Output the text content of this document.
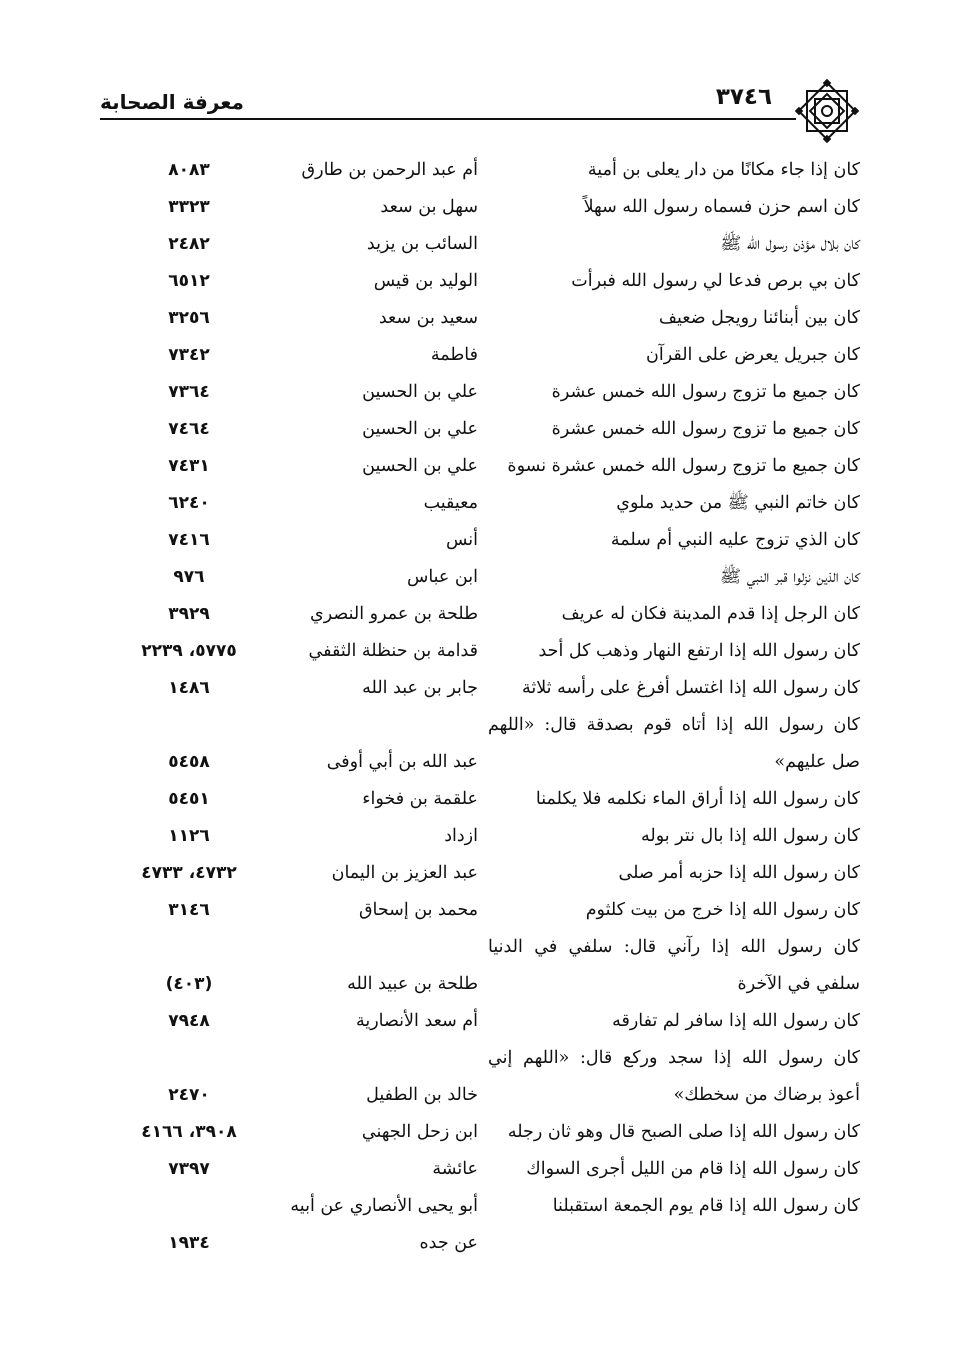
معرفة الصحابة	٣٧٤٦
كان إذا جاء مكانًا من دار يعلى بن أمية
أم عبد الرحمن بن طارق
٨٠٨٣
كان اسم حزن فسماه رسول الله سهلاً
سهل بن سعد
٣٣٢٣
كان بلال مؤذن رسول الله ﷺ
السائب بن يزيد
٢٤٨٢
كان بي برص فدعا لي رسول الله فبرأت
الوليد بن قيس
٦٥١٢
كان بين أبنائنا رويجل ضعيف
سعيد بن سعد
٣٢٥٦
كان جبريل يعرض على القرآن
فاطمة
٧٣٤٢
كان جميع ما تزوج رسول الله خمس عشرة
علي بن الحسين
٧٣٦٤
كان جميع ما تزوج رسول الله خمس عشرة
علي بن الحسين
٧٤٦٤
كان جميع ما تزوج رسول الله خمس عشرة نسوة
علي بن الحسين
٧٤٣١
كان خاتم النبي ﷺ من حديد ملوي
معيقيب
٦٢٤٠
كان الذي تزوج عليه النبي أم سلمة
أنس
٧٤١٦
كان الذين نزلوا قبر النبي ﷺ
ابن عباس
٩٧٦
كان الرجل إذا قدم المدينة فكان له عريف
طلحة بن عمرو النصري
٣٩٢٩
كان رسول الله إذا ارتفع النهار وذهب كل أحد
قدامة بن حنظلة الثقفي
٥٧٧٥، ٢٢٣٩
كان رسول الله إذا اغتسل أفرغ على رأسه ثلاثة
جابر بن عبد الله
١٤٨٦
كان رسول الله إذا أتاه قوم بصدقة قال: «اللهم
صل عليهم»
عبد الله بن أبي أوفى
٥٤٥٨
كان رسول الله إذا أراق الماء نكلمه فلا يكلمنا
علقمة بن فخواء
٥٤٥١
كان رسول الله إذا بال نتر بوله
ازداد
١١٢٦
كان رسول الله إذا حزبه أمر صلى
عبد العزيز بن اليمان
٤٧٣٢، ٤٧٣٣
كان رسول الله إذا خرج من بيت كلثوم
محمد بن إسحاق
٣١٤٦
كان رسول الله إذا رآني قال: سلفي في الدنيا
سلفي في الآخرة
طلحة بن عبيد الله
(٤٠٣)
كان رسول الله إذا سافر لم تفارقه
أم سعد الأنصارية
٧٩٤٨
كان رسول الله إذا سجد وركع قال: «اللهم إني
أعوذ برضاك من سخطك»
خالد بن الطفيل
٢٤٧٠
كان رسول الله إذا صلى الصبح قال وهو ثان رجله
ابن زحل الجهني
٣٩٠٨، ٤١٦٦
كان رسول الله إذا قام من الليل أجرى السواك
عائشة
٧٣٩٧
كان رسول الله إذا قام يوم الجمعة استقبلنا
أبو يحيى الأنصاري عن أبيه
عن جده
١٩٣٤
